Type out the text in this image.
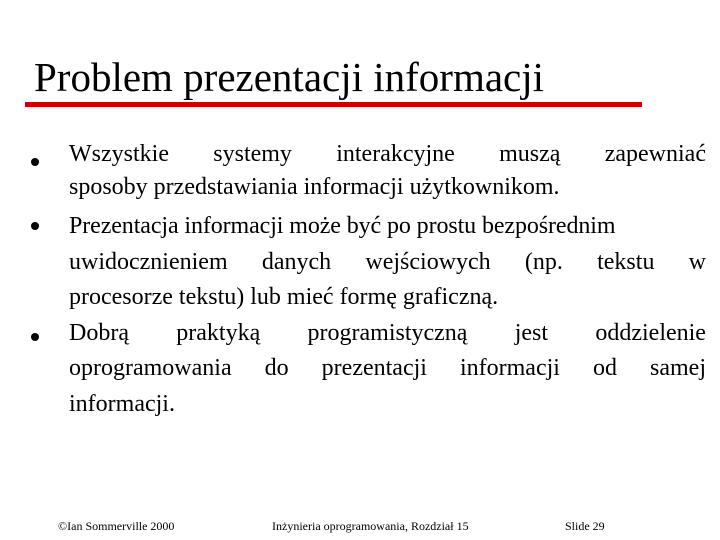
Problem prezentacji informacji
Wszystkie systemy interakcyjne muszą zapewniać
sposoby przedstawiania informacji użytkownikom.
Prezentacja informacji może być po prostu bezpośrednim
uwidocznieniem danych wejściowych (np. tekstu w
procesorze tekstu) lub mieć formę graficzną.
Dobrą praktyką programistyczną jest oddzielenie
oprogramowania do prezentacji informacji od samej
informacji.
©Ian Sommerville 2000	Inżynieria oprogramowania, Rozdział 15	Slide 29
